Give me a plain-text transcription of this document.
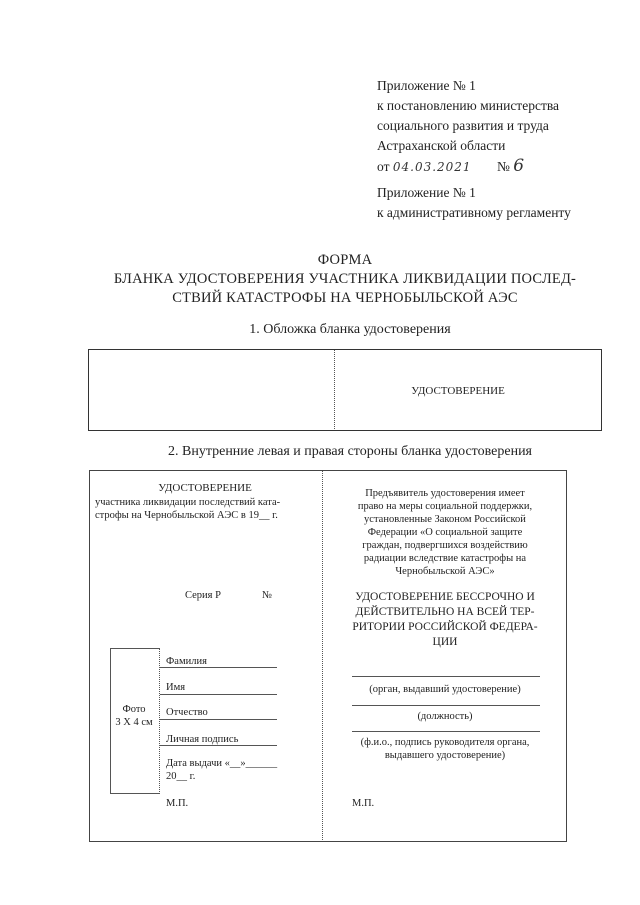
Приложение № 1
к постановлению министерства
социального развития и труда
Астраханской области
от 04.03.2021 № 6
Приложение № 1
к административному регламенту
ФОРМА
БЛАНКА УДОСТОВЕРЕНИЯ УЧАСТНИКА ЛИКВИДАЦИИ ПОСЛЕД-
СТВИЙ КАТАСТРОФЫ НА ЧЕРНОБЫЛЬСКОЙ АЭС
1. Обложка бланка удостоверения
УДОСТОВЕРЕНИЕ
2. Внутренние левая и правая стороны бланка удостоверения
УДОСТОВЕРЕНИЕ
участника ликвидации последствий ката-
строфы на Чернобыльской АЭС в 19__ г.
Серия Р	№
Фото
3 Х 4 см
Фамилия
Имя
Отчество
Личная подпись
Дата выдачи «__»______
20__ г.
М.П.
Предъявитель удостоверения имеет
право на меры социальной поддержки,
установленные Законом Российской
Федерации «О социальной защите
граждан, подвергшихся воздействию
радиации вследствие катастрофы на
Чернобыльской АЭС»
УДОСТОВЕРЕНИЕ БЕССРОЧНО И
ДЕЙСТВИТЕЛЬНО НА ВСЕЙ ТЕР-
РИТОРИИ РОССИЙСКОЙ ФЕДЕРА-
ЦИИ
(орган, выдавший удостоверение)
(должность)
(ф.и.о., подпись руководителя органа,
выдавшего удостоверение)
М.П.
